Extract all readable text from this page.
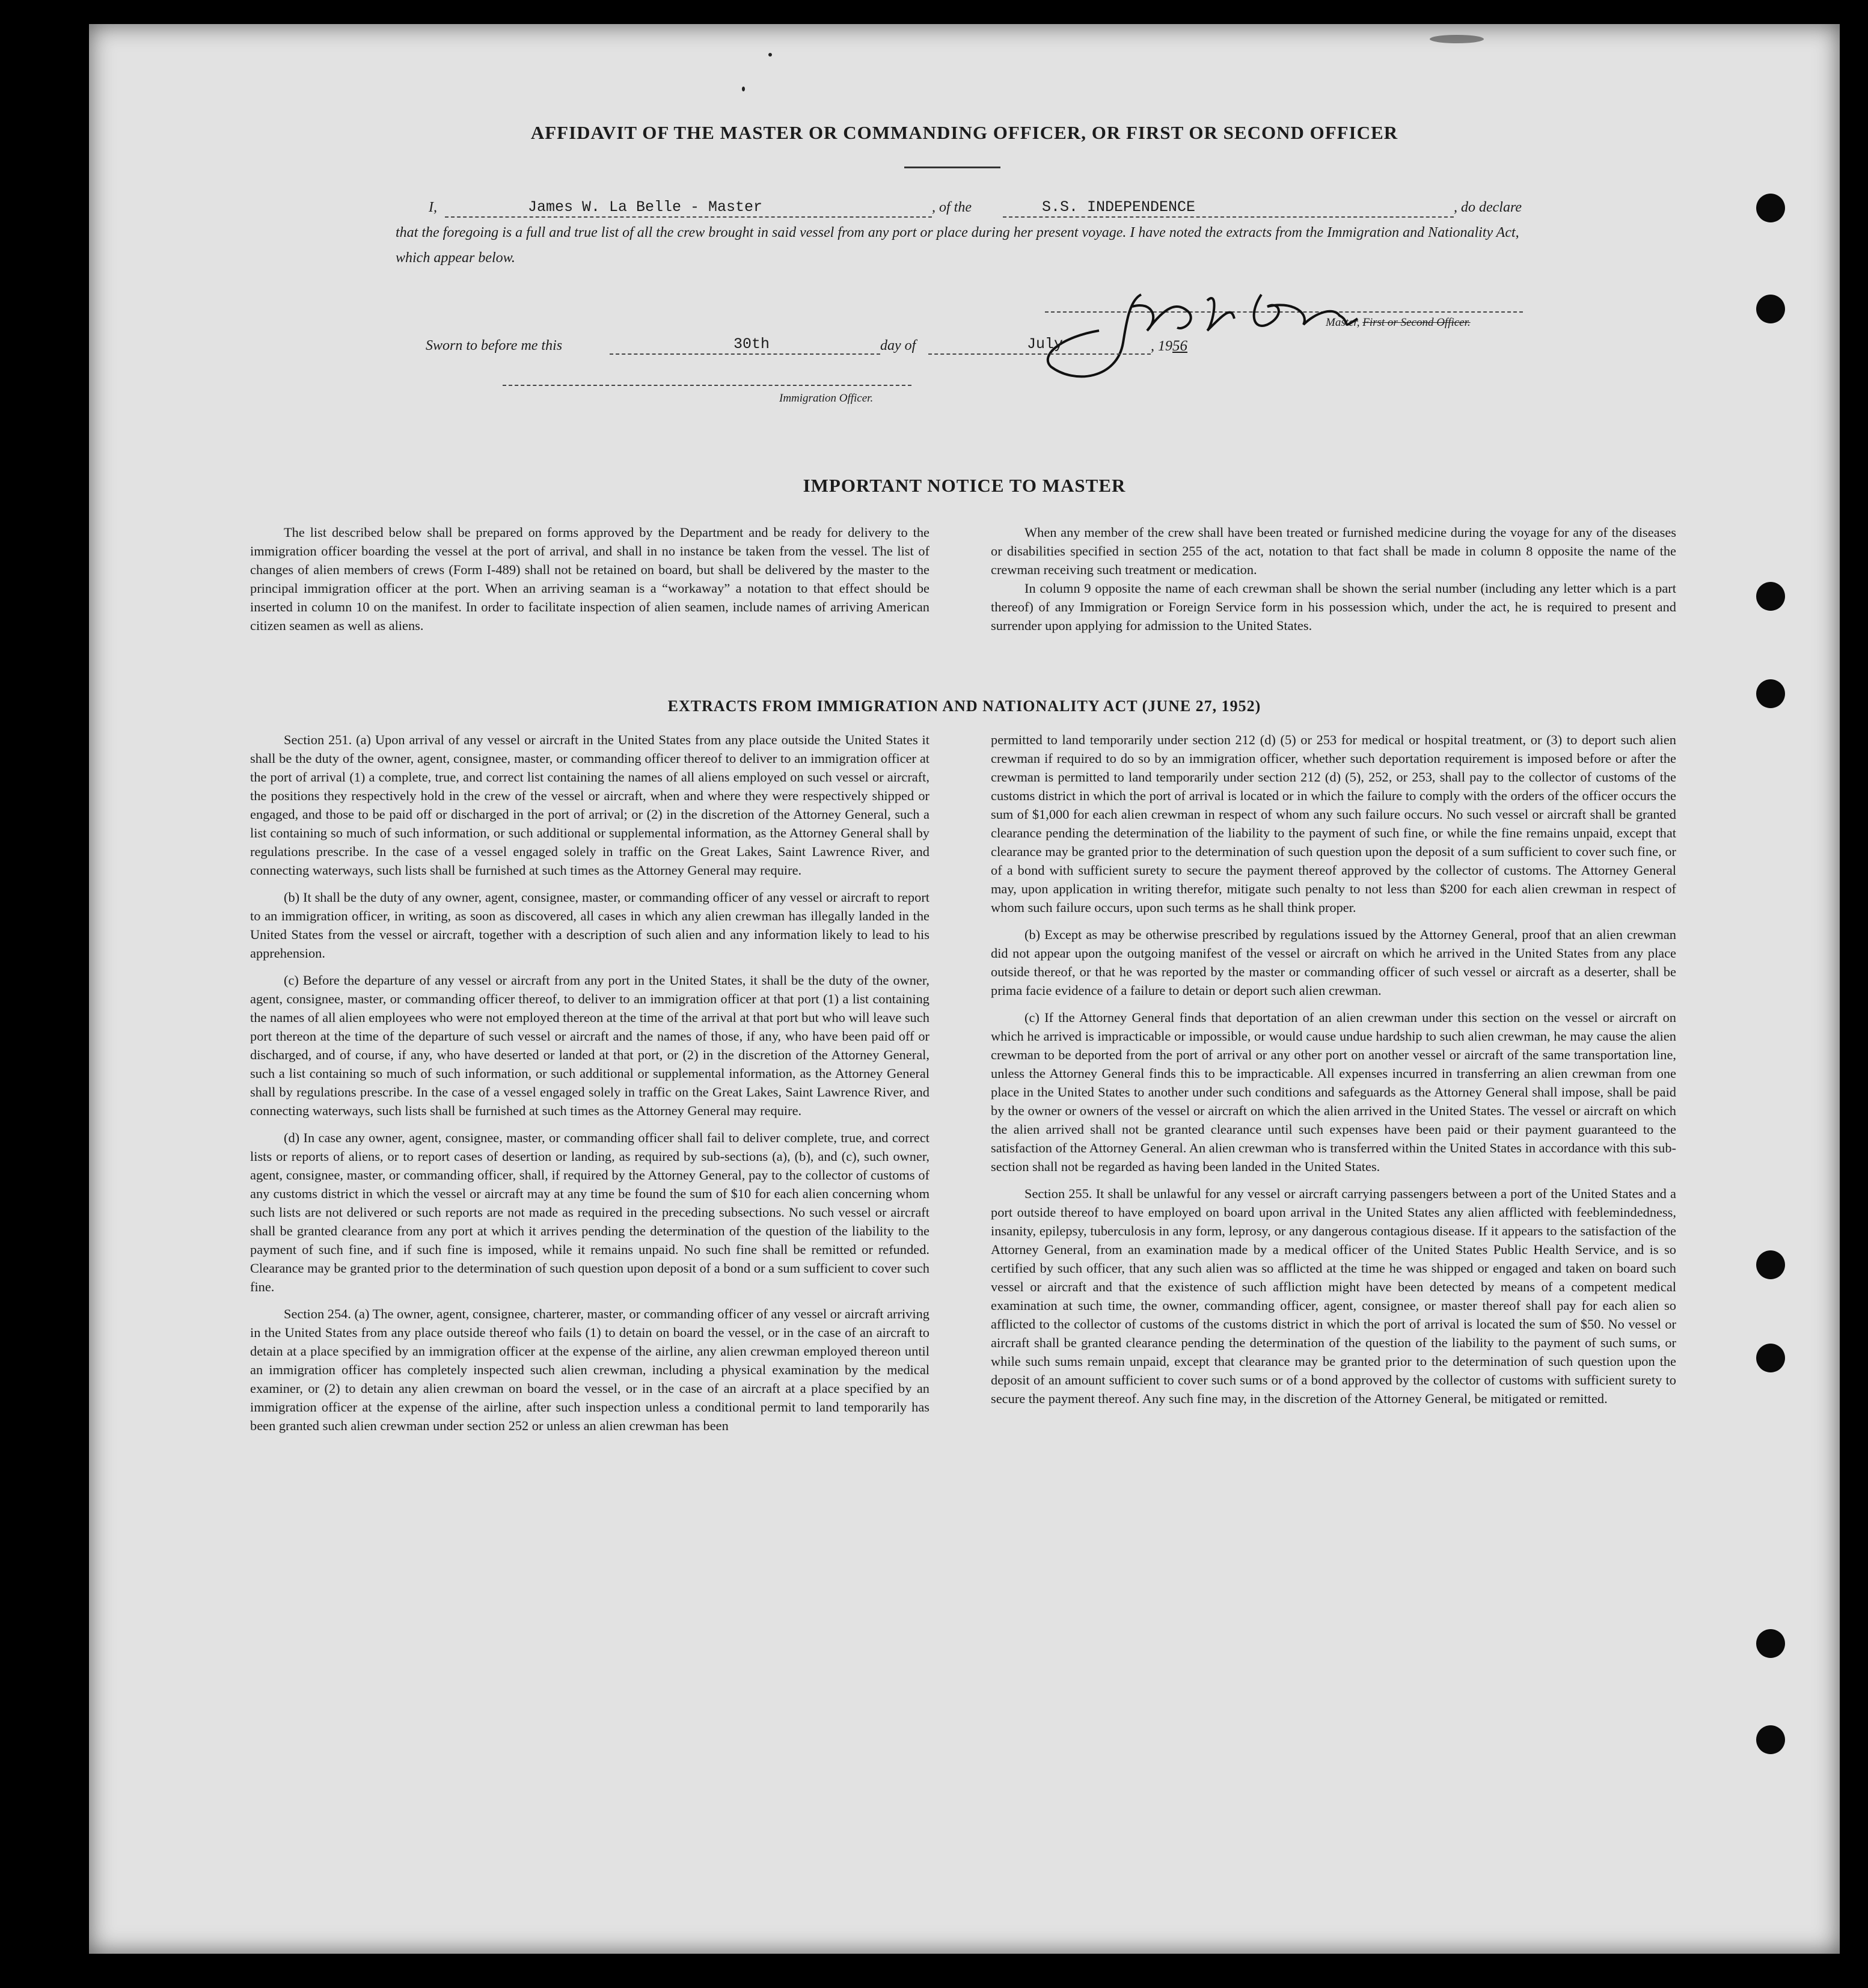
AFFIDAVIT OF THE MASTER OR COMMANDING OFFICER, OR FIRST OR SECOND OFFICER
I,	James W. La Belle - Master	, of the	S.S. INDEPENDENCE	, do declare
that the foregoing is a full and true list of all the crew brought in said vessel from any port or place during her present voyage. I have noted the extracts from the Immigration and Nationality Act, which appear below.
Master, First or Second Officer.
Sworn to before me this	30th	day of	July	, 1956
Immigration Officer.
IMPORTANT NOTICE TO MASTER

The list described below shall be prepared on forms approved by the Department and be ready for delivery to the immigration officer boarding the vessel at the port of arrival, and shall in no instance be taken from the vessel. The list of changes of alien members of crews (Form I-489) shall not be retained on board, but shall be delivered by the master to the principal immigration officer at the port. When an arriving seaman is a “workaway” a notation to that effect should be inserted in column 10 on the manifest. In order to facilitate inspection of alien seamen, include names of arriving American citizen seamen as well as aliens.

When any member of the crew shall have been treated or furnished medicine during the voyage for any of the diseases or disabilities specified in section 255 of the act, notation to that fact shall be made in column 8 opposite the name of the crewman receiving such treatment or medication.

In column 9 opposite the name of each crewman shall be shown the serial number (including any letter which is a part thereof) of any Immigration or Foreign Service form in his possession which, under the act, he is required to present and surrender upon applying for admission to the United States.

EXTRACTS FROM IMMIGRATION AND NATIONALITY ACT (JUNE 27, 1952)

Section 251. (a) Upon arrival of any vessel or aircraft in the United States from any place outside the United States it shall be the duty of the owner, agent, consignee, master, or commanding officer thereof to deliver to an immigration officer at the port of arrival (1) a complete, true, and correct list containing the names of all aliens employed on such vessel or aircraft, the positions they respectively hold in the crew of the vessel or aircraft, when and where they were respectively shipped or engaged, and those to be paid off or discharged in the port of arrival; or (2) in the discretion of the Attorney General, such a list containing so much of such information, or such additional or supplemental information, as the Attorney General shall by regulations prescribe. In the case of a vessel engaged solely in traffic on the Great Lakes, Saint Lawrence River, and connecting waterways, such lists shall be furnished at such times as the Attorney General may require.

(b) It shall be the duty of any owner, agent, consignee, master, or commanding officer of any vessel or aircraft to report to an immigration officer, in writing, as soon as discovered, all cases in which any alien crewman has illegally landed in the United States from the vessel or aircraft, together with a description of such alien and any information likely to lead to his apprehension.

(c) Before the departure of any vessel or aircraft from any port in the United States, it shall be the duty of the owner, agent, consignee, master, or commanding officer thereof, to deliver to an immigration officer at that port (1) a list containing the names of all alien employees who were not employed thereon at the time of the arrival at that port but who will leave such port thereon at the time of the departure of such vessel or aircraft and the names of those, if any, who have been paid off or discharged, and of course, if any, who have deserted or landed at that port, or (2) in the discretion of the Attorney General, such a list containing so much of such information, or such additional or supplemental information, as the Attorney General shall by regulations prescribe. In the case of a vessel engaged solely in traffic on the Great Lakes, Saint Lawrence River, and connecting waterways, such lists shall be furnished at such times as the Attorney General may require.

(d) In case any owner, agent, consignee, master, or commanding officer shall fail to deliver complete, true, and correct lists or reports of aliens, or to report cases of desertion or landing, as required by sub-sections (a), (b), and (c), such owner, agent, consignee, master, or commanding officer, shall, if required by the Attorney General, pay to the collector of customs of any customs district in which the vessel or aircraft may at any time be found the sum of $10 for each alien concerning whom such lists are not delivered or such reports are not made as required in the preceding subsections. No such vessel or aircraft shall be granted clearance from any port at which it arrives pending the determination of the question of the liability to the payment of such fine, and if such fine is imposed, while it remains unpaid. No such fine shall be remitted or refunded. Clearance may be granted prior to the determination of such question upon deposit of a bond or a sum sufficient to cover such fine.

Section 254. (a) The owner, agent, consignee, charterer, master, or commanding officer of any vessel or aircraft arriving in the United States from any place outside thereof who fails (1) to detain on board the vessel, or in the case of an aircraft to detain at a place specified by an immigration officer at the expense of the airline, any alien crewman employed thereon until an immigration officer has completely inspected such alien crewman, including a physical examination by the medical examiner, or (2) to detain any alien crewman on board the vessel, or in the case of an aircraft at a place specified by an immigration officer at the expense of the airline, after such inspection unless a conditional permit to land temporarily has been granted such alien crewman under section 252 or unless an alien crewman has been

permitted to land temporarily under section 212 (d) (5) or 253 for medical or hospital treatment, or (3) to deport such alien crewman if required to do so by an immigration officer, whether such deportation requirement is imposed before or after the crewman is permitted to land temporarily under section 212 (d) (5), 252, or 253, shall pay to the collector of customs of the customs district in which the port of arrival is located or in which the failure to comply with the orders of the officer occurs the sum of $1,000 for each alien crewman in respect of whom any such failure occurs. No such vessel or aircraft shall be granted clearance pending the determination of the liability to the payment of such fine, or while the fine remains unpaid, except that clearance may be granted prior to the determination of such question upon the deposit of a sum sufficient to cover such fine, or of a bond with sufficient surety to secure the payment thereof approved by the collector of customs. The Attorney General may, upon application in writing therefor, mitigate such penalty to not less than $200 for each alien crewman in respect of whom such failure occurs, upon such terms as he shall think proper.

(b) Except as may be otherwise prescribed by regulations issued by the Attorney General, proof that an alien crewman did not appear upon the outgoing manifest of the vessel or aircraft on which he arrived in the United States from any place outside thereof, or that he was reported by the master or commanding officer of such vessel or aircraft as a deserter, shall be prima facie evidence of a failure to detain or deport such alien crewman.

(c) If the Attorney General finds that deportation of an alien crewman under this section on the vessel or aircraft on which he arrived is impracticable or impossible, or would cause undue hardship to such alien crewman, he may cause the alien crewman to be deported from the port of arrival or any other port on another vessel or aircraft of the same transportation line, unless the Attorney General finds this to be impracticable. All expenses incurred in transferring an alien crewman from one place in the United States to another under such conditions and safeguards as the Attorney General shall impose, shall be paid by the owner or owners of the vessel or aircraft on which the alien arrived in the United States. The vessel or aircraft on which the alien arrived shall not be granted clearance until such expenses have been paid or their payment guaranteed to the satisfaction of the Attorney General. An alien crewman who is transferred within the United States in accordance with this sub-section shall not be regarded as having been landed in the United States.

Section 255. It shall be unlawful for any vessel or aircraft carrying passengers between a port of the United States and a port outside thereof to have employed on board upon arrival in the United States any alien afflicted with feeblemindedness, insanity, epilepsy, tuberculosis in any form, leprosy, or any dangerous contagious disease. If it appears to the satisfaction of the Attorney General, from an examination made by a medical officer of the United States Public Health Service, and is so certified by such officer, that any such alien was so afflicted at the time he was shipped or engaged and taken on board such vessel or aircraft and that the existence of such affliction might have been detected by means of a competent medical examination at such time, the owner, commanding officer, agent, consignee, or master thereof shall pay for each alien so afflicted to the collector of customs of the customs district in which the port of arrival is located the sum of $50. No vessel or aircraft shall be granted clearance pending the determination of the question of the liability to the payment of such sums, or while such sums remain unpaid, except that clearance may be granted prior to the determination of such question upon the deposit of an amount sufficient to cover such sums or of a bond approved by the collector of customs with sufficient surety to secure the payment thereof. Any such fine may, in the discretion of the Attorney General, be mitigated or remitted.
